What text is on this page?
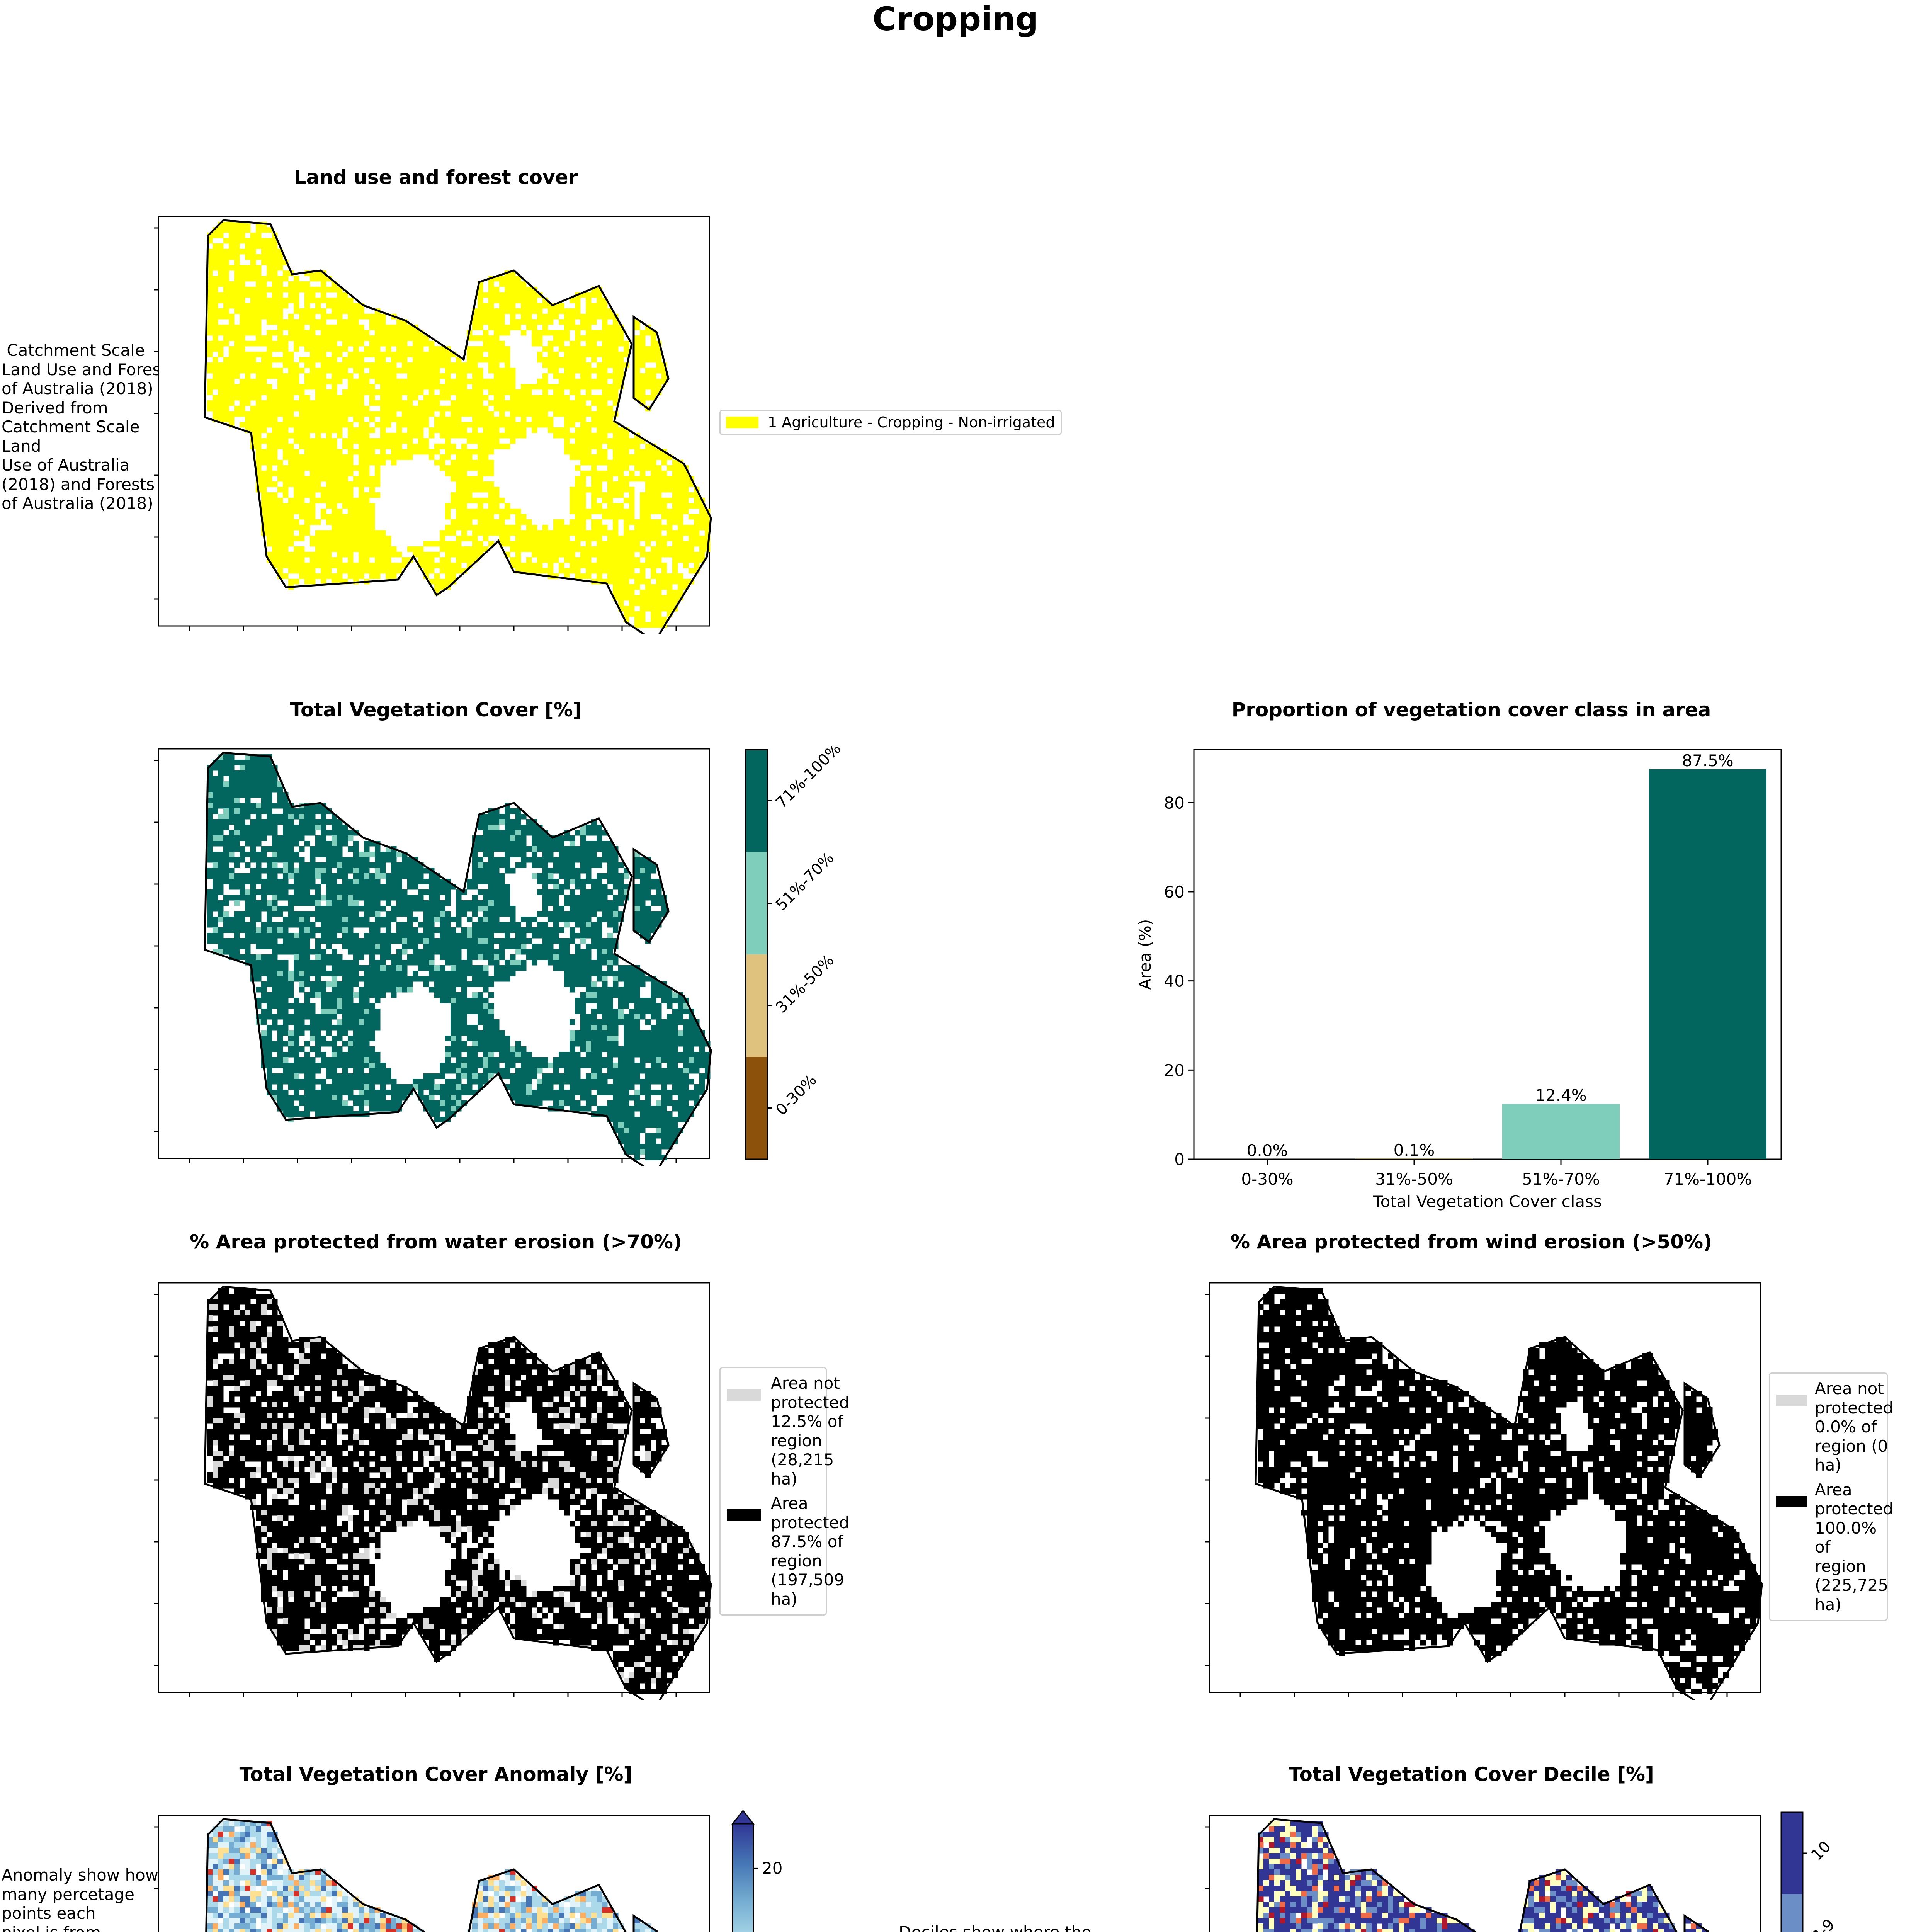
Cropping
Land use and forest cover
Catchment Scale
Land Use and Forest
of Australia (2018)
Derived from
Catchment Scale Land
Use of Australia
(2018) and Forests
of Australia (2018)
1 Agriculture - Cropping - Non-irrigated
Total Vegetation Cover [%]
71%-100%
51%-70%
31%-50%
0-30%
Proportion of vegetation cover class in area
0
20
40
60
80
0.0%
0-30%
0.1%
31%-50%
12.4%
51%-70%
87.5%
71%-100%
Total Vegetation Cover class
Area (%)
% Area protected from water erosion (>70%)
Area not
protected
12.5% of
region
(28,215
ha)
Area
protected
87.5% of
region
(197,509
ha)
% Area protected from wind erosion (>50%)
Area not
protected
0.0% of
region (0
ha)
Area
protected
100.0% of
region
(225,725
ha)
Total Vegetation Cover Anomaly [%]
Anomaly show how
many percetage
points each

20
Total Vegetation Cover Decile [%]
10
8-9
